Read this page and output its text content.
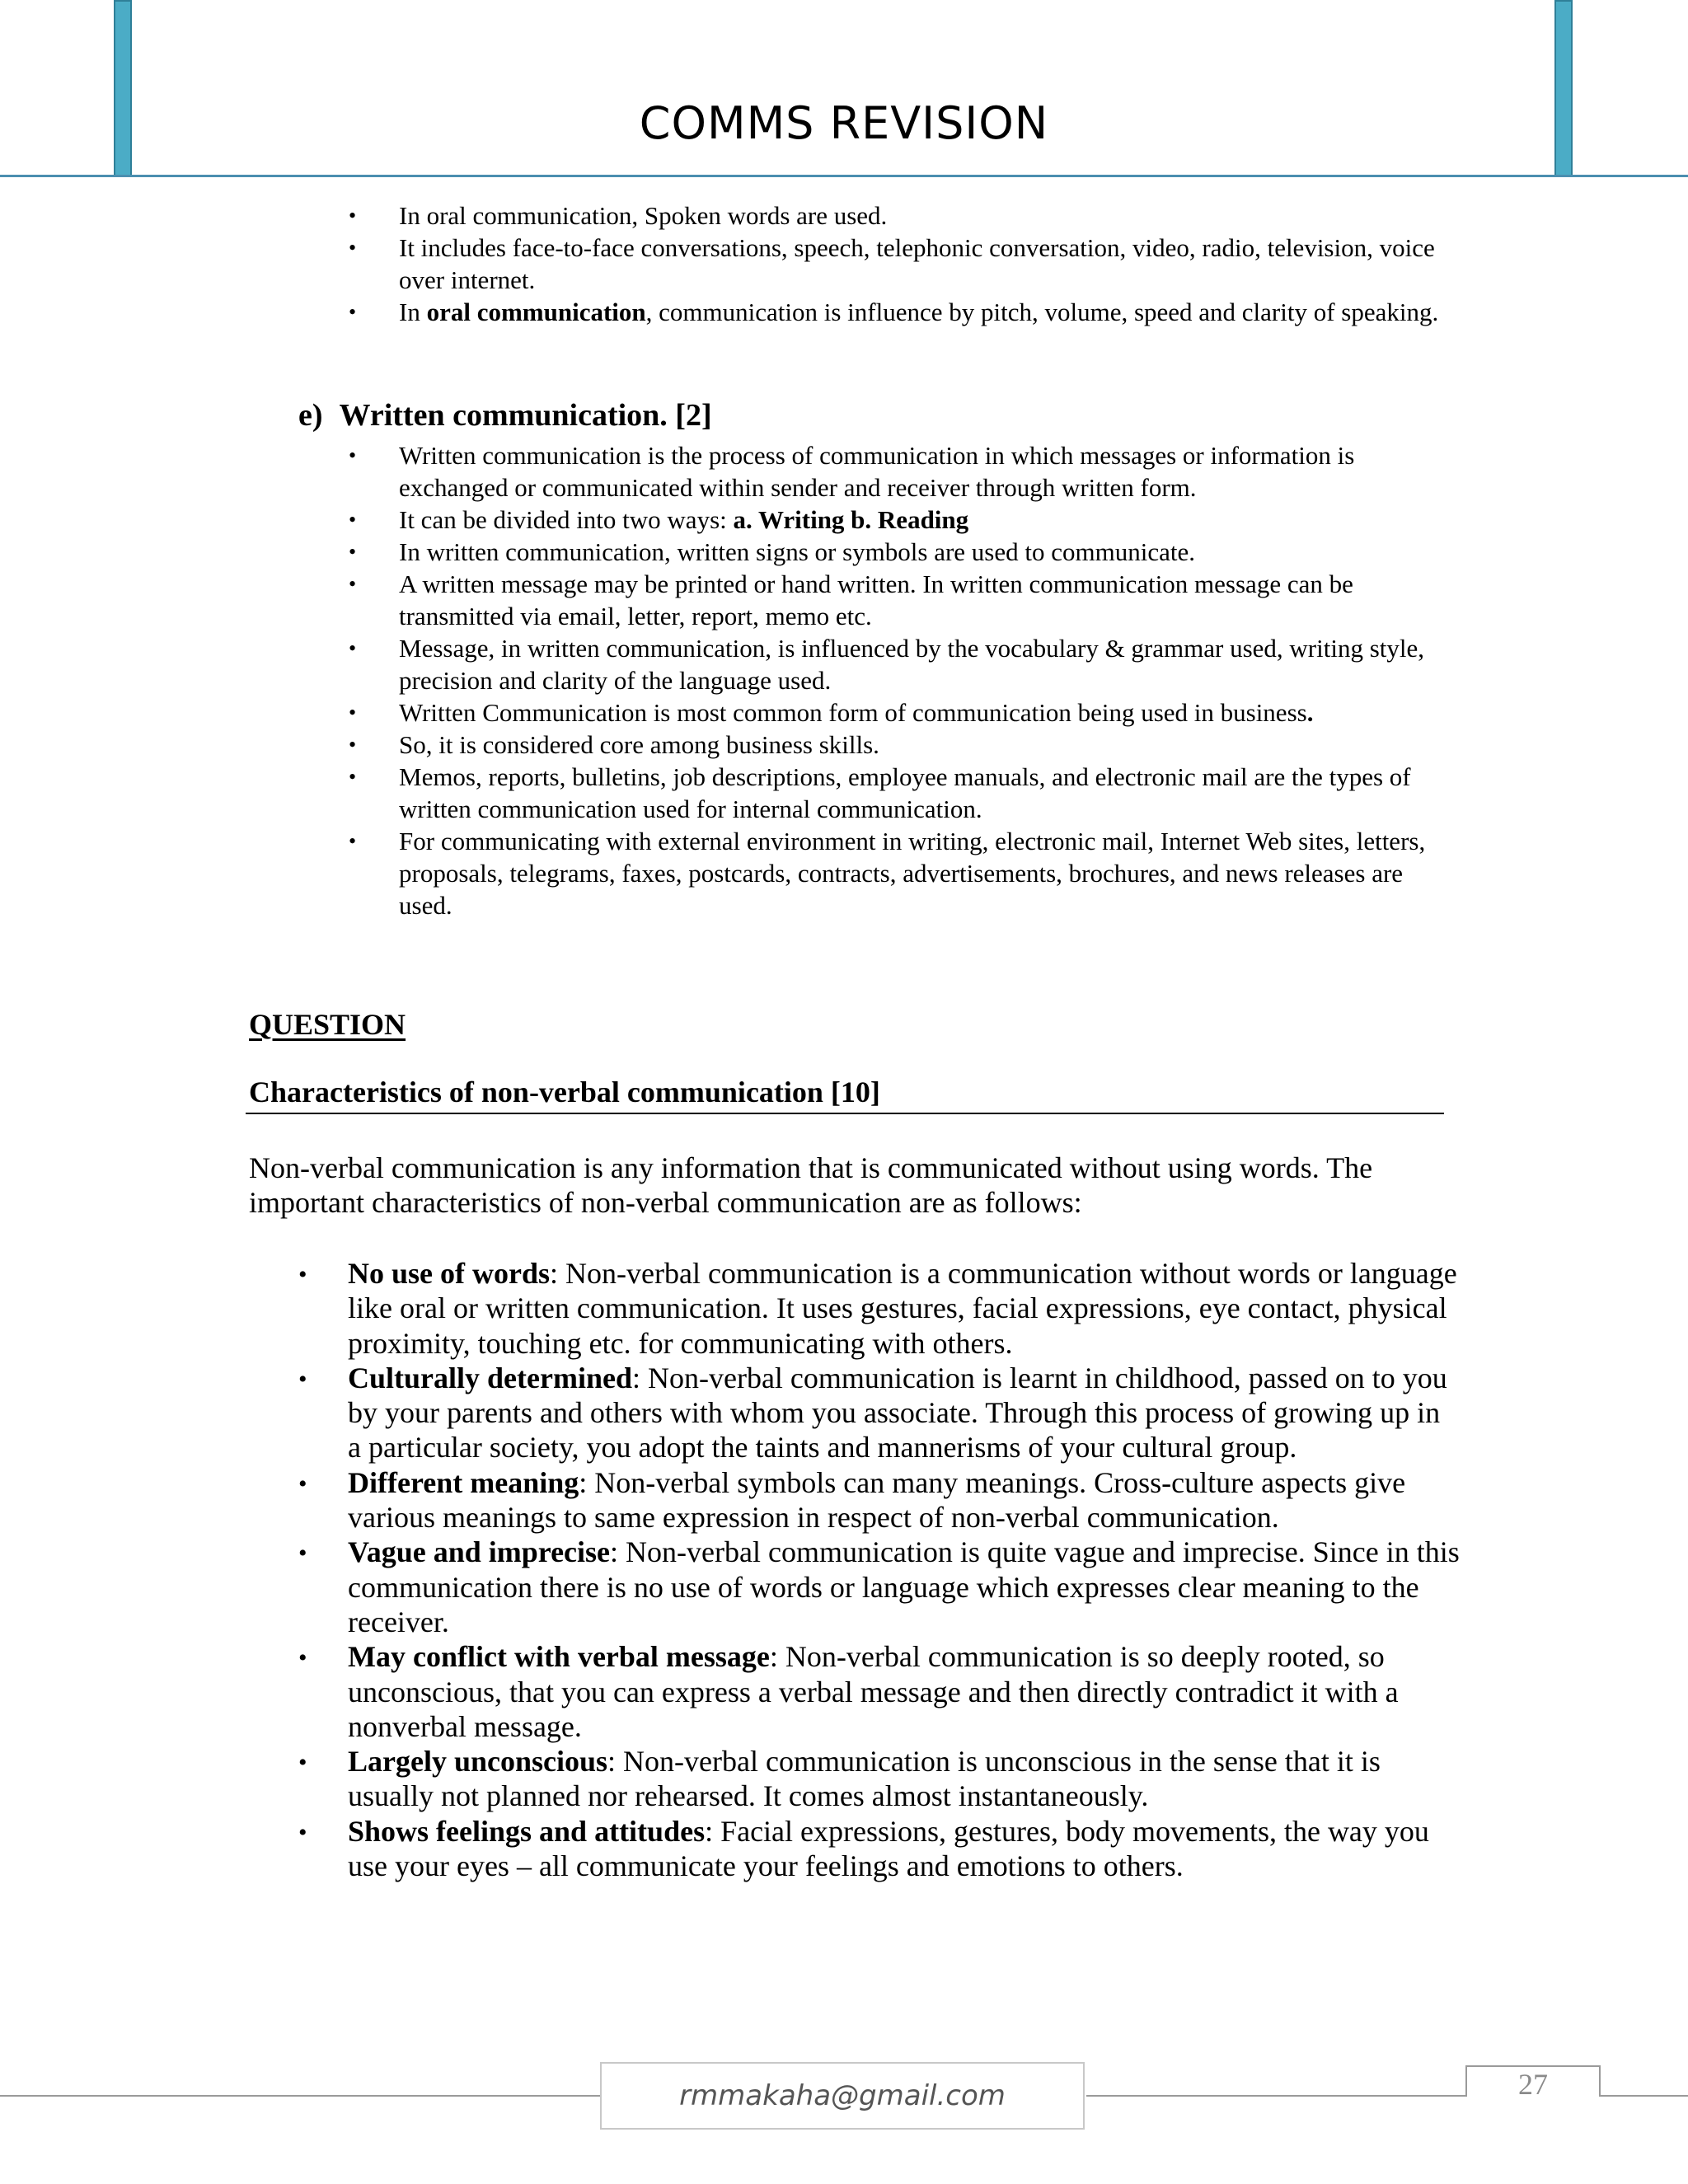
COMMS REVISION
• In oral communication, Spoken words are used.
• It includes face-to-face conversations, speech, telephonic conversation, video, radio, television, voice over internet.
• In oral communication, communication is influence by pitch, volume, speed and clarity of speaking.
e) Written communication. [2]
• Written communication is the process of communication in which messages or information is exchanged or communicated within sender and receiver through written form.
• It can be divided into two ways: a. Writing b. Reading
• In written communication, written signs or symbols are used to communicate.
• A written message may be printed or hand written. In written communication message can be transmitted via email, letter, report, memo etc.
• Message, in written communication, is influenced by the vocabulary & grammar used, writing style, precision and clarity of the language used.
• Written Communication is most common form of communication being used in business.
• So, it is considered core among business skills.
• Memos, reports, bulletins, job descriptions, employee manuals, and electronic mail are the types of written communication used for internal communication.
• For communicating with external environment in writing, electronic mail, Internet Web sites, letters, proposals, telegrams, faxes, postcards, contracts, advertisements, brochures, and news releases are used.
QUESTION
Characteristics of non-verbal communication [10]

Non-verbal communication is any information that is communicated without using words. The important characteristics of non-verbal communication are as follows:

• No use of words: Non-verbal communication is a communication without words or language like oral or written communication. It uses gestures, facial expressions, eye contact, physical proximity, touching etc. for communicating with others.
• Culturally determined: Non-verbal communication is learnt in childhood, passed on to you by your parents and others with whom you associate. Through this process of growing up in a particular society, you adopt the taints and mannerisms of your cultural group.
• Different meaning: Non-verbal symbols can many meanings. Cross-culture aspects give various meanings to same expression in respect of non-verbal communication.
• Vague and imprecise: Non-verbal communication is quite vague and imprecise. Since in this communication there is no use of words or language which expresses clear meaning to the receiver.
• May conflict with verbal message: Non-verbal communication is so deeply rooted, so unconscious, that you can express a verbal message and then directly contradict it with a nonverbal message.
• Largely unconscious: Non-verbal communication is unconscious in the sense that it is usually not planned nor rehearsed. It comes almost instantaneously.
• Shows feelings and attitudes: Facial expressions, gestures, body movements, the way you use your eyes – all communicate your feelings and emotions to others.
rmmakaha@gmail.com	27
